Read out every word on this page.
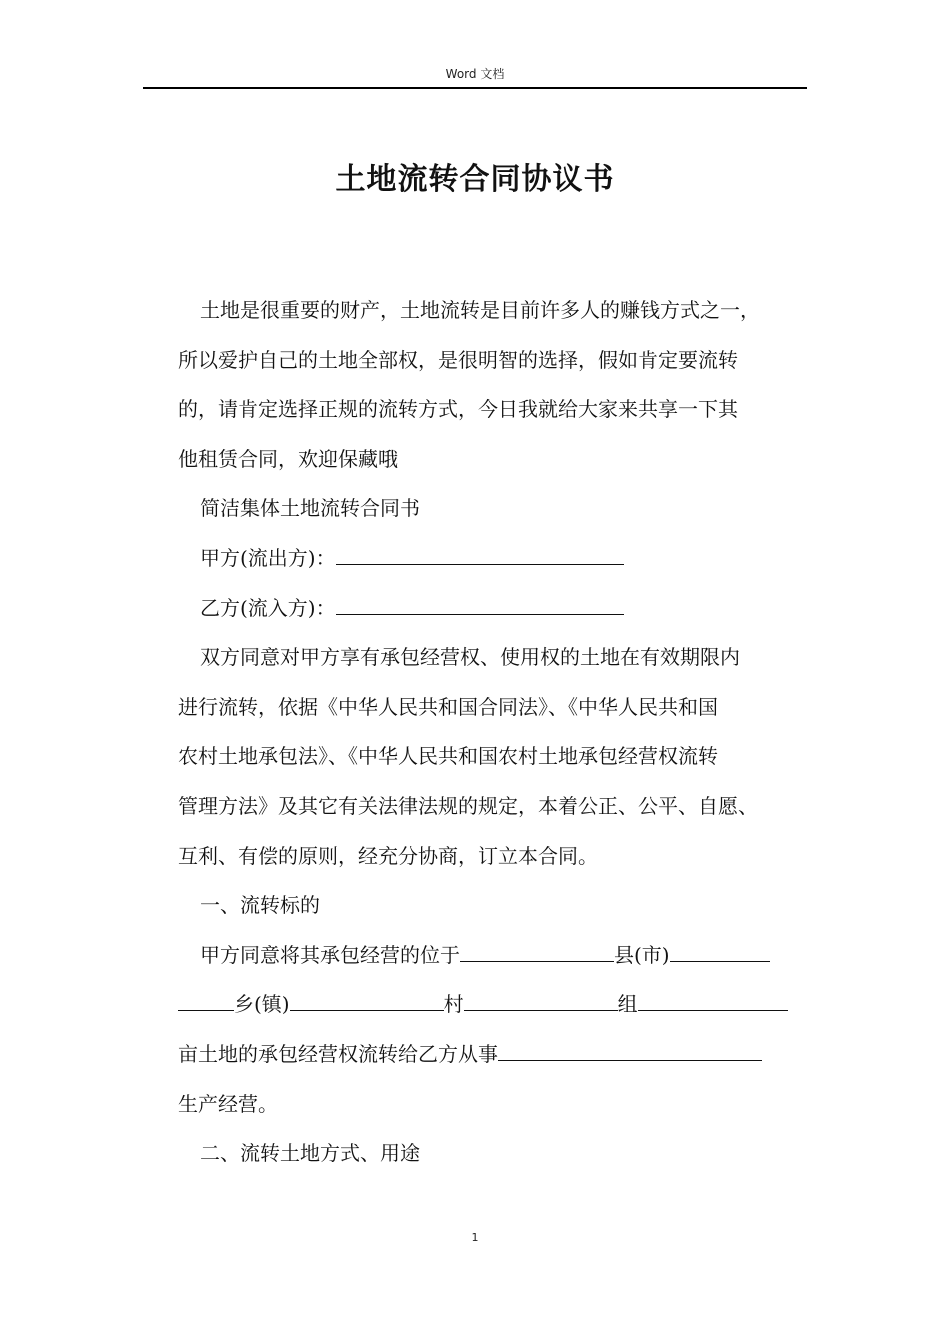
Word 文档
土地流转合同协议书

土地是很重要的财产，土地流转是目前许多人的赚钱方式之一，

所以爱护自己的土地全部权，是很明智的选择，假如肯定要流转

的，请肯定选择正规的流转方式，今日我就给大家来共享一下其

他租赁合同，欢迎保藏哦

简洁集体土地流转合同书

甲方(流出方)：

乙方(流入方)：

双方同意对甲方享有承包经营权、使用权的土地在有效期限内

进行流转，依据《中华人民共和国合同法》、《中华人民共和国

农村土地承包法》、《中华人民共和国农村土地承包经营权流转

管理方法》及其它有关法律法规的规定，本着公正、公平、自愿、

互利、有偿的原则，经充分协商，订立本合同。

一、流转标的

甲方同意将其承包经营的位于	县(市)

乡(镇)	村	组

亩土地的承包经营权流转给乙方从事

生产经营。

二、流转土地方式、用途

1
